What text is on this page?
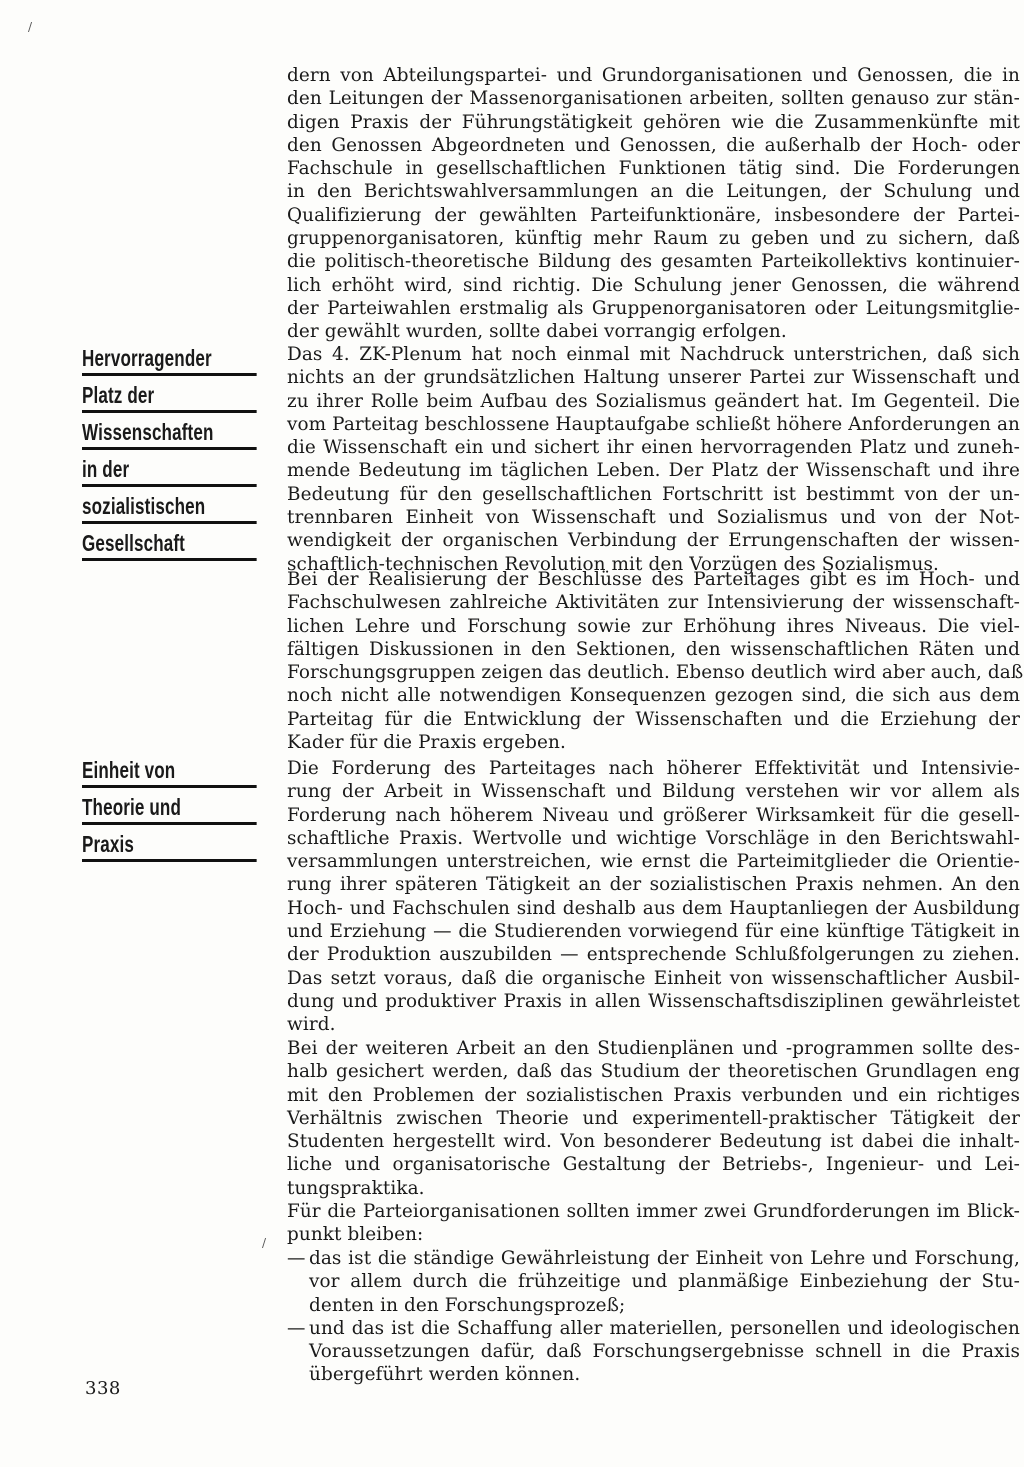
Hervorragender
Platz der
Wissenschaften
in der
sozialistischen
Gesellschaft
Einheit von
Theorie und
Praxis
dern von Abteilungspartei- und Grundorganisationen und Genossen, die in
den Leitungen der Massenorganisationen arbeiten, sollten genauso zur stän-
digen Praxis der Führungstätigkeit gehören wie die Zusammenkünfte mit
den Genossen Abgeordneten und Genossen, die außerhalb der Hoch- oder
Fachschule in gesellschaftlichen Funktionen tätig sind. Die Forderungen
in den Berichtswahlversammlungen an die Leitungen, der Schulung und
Qualifizierung der gewählten Parteifunktionäre, insbesondere der Partei-
gruppenorganisatoren, künftig mehr Raum zu geben und zu sichern, daß
die politisch-theoretische Bildung des gesamten Parteikollektivs kontinuier-
lich erhöht wird, sind richtig. Die Schulung jener Genossen, die während
der Parteiwahlen erstmalig als Gruppenorganisatoren oder Leitungsmitglie-
der gewählt wurden, sollte dabei vorrangig erfolgen.
Das 4. ZK-Plenum hat noch einmal mit Nachdruck unterstrichen, daß sich
nichts an der grundsätzlichen Haltung unserer Partei zur Wissenschaft und
zu ihrer Rolle beim Aufbau des Sozialismus geändert hat. Im Gegenteil. Die
vom Parteitag beschlossene Hauptaufgabe schließt höhere Anforderungen an
die Wissenschaft ein und sichert ihr einen hervorragenden Platz und zuneh-
mende Bedeutung im täglichen Leben. Der Platz der Wissenschaft und ihre
Bedeutung für den gesellschaftlichen Fortschritt ist bestimmt von der un-
trennbaren Einheit von Wissenschaft und Sozialismus und von der Not-
wendigkeit der organischen Verbindung der Errungenschaften der wissen-
schaftlich-technischen Revolution mit den Vorzügen des Sozialismus.
Bei der Realisierung der Beschlüsse des Parteitages gibt es im Hoch- und
Fachschulwesen zahlreiche Aktivitäten zur Intensivierung der wissenschaft-
lichen Lehre und Forschung sowie zur Erhöhung ihres Niveaus. Die viel-
fältigen Diskussionen in den Sektionen, den wissenschaftlichen Räten und
Forschungsgruppen zeigen das deutlich. Ebenso deutlich wird aber auch, daß
noch nicht alle notwendigen Konsequenzen gezogen sind, die sich aus dem
Parteitag für die Entwicklung der Wissenschaften und die Erziehung der
Kader für die Praxis ergeben.
Die Forderung des Parteitages nach höherer Effektivität und Intensivie-
rung der Arbeit in Wissenschaft und Bildung verstehen wir vor allem als
Forderung nach höherem Niveau und größerer Wirksamkeit für die gesell-
schaftliche Praxis. Wertvolle und wichtige Vorschläge in den Berichtswahl-
versammlungen unterstreichen, wie ernst die Parteimitglieder die Orientie-
rung ihrer späteren Tätigkeit an der sozialistischen Praxis nehmen. An den
Hoch- und Fachschulen sind deshalb aus dem Hauptanliegen der Ausbildung
und Erziehung — die Studierenden vorwiegend für eine künftige Tätigkeit in
der Produktion auszubilden — entsprechende Schlußfolgerungen zu ziehen.
Das setzt voraus, daß die organische Einheit von wissenschaftlicher Ausbil-
dung und produktiver Praxis in allen Wissenschaftsdisziplinen gewährleistet
wird.
Bei der weiteren Arbeit an den Studienplänen und -programmen sollte des-
halb gesichert werden, daß das Studium der theoretischen Grundlagen eng
mit den Problemen der sozialistischen Praxis verbunden und ein richtiges
Verhältnis zwischen Theorie und experimentell-praktischer Tätigkeit der
Studenten hergestellt wird. Von besonderer Bedeutung ist dabei die inhalt-
liche und organisatorische Gestaltung der Betriebs-, Ingenieur- und Lei-
tungspraktika.
Für die Parteiorganisationen sollten immer zwei Grundforderungen im Blick-
punkt bleiben:
— das ist die ständige Gewährleistung der Einheit von Lehre und Forschung,
vor allem durch die frühzeitige und planmäßige Einbeziehung der Stu-
denten in den Forschungsprozeß;
— und das ist die Schaffung aller materiellen, personellen und ideologischen
Voraussetzungen dafür, daß Forschungsergebnisse schnell in die Praxis
übergeführt werden können.
338
/
/
